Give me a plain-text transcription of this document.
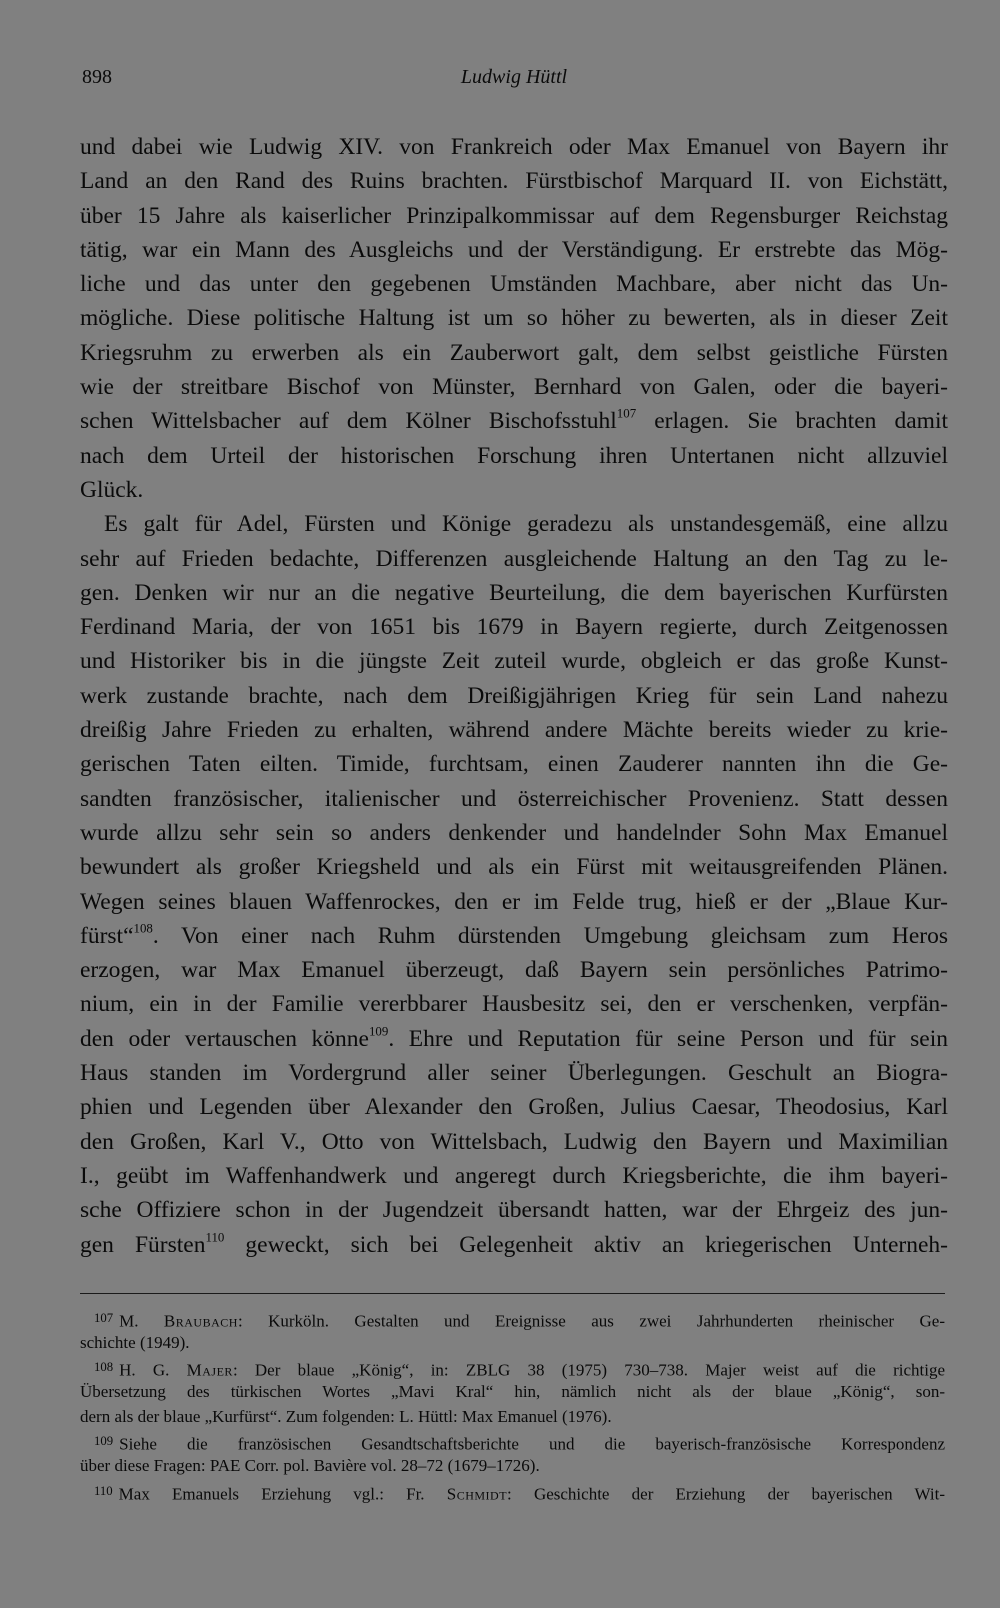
898	Ludwig Hüttl
und dabei wie Ludwig XIV. von Frankreich oder Max Emanuel von Bayern ihr
Land an den Rand des Ruins brachten. Fürstbischof Marquard II. von Eichstätt,
über 15 Jahre als kaiserlicher Prinzipalkommissar auf dem Regensburger Reichstag
tätig, war ein Mann des Ausgleichs und der Verständigung. Er erstrebte das Mög-
liche und das unter den gegebenen Umständen Machbare, aber nicht das Un-
mögliche. Diese politische Haltung ist um so höher zu bewerten, als in dieser Zeit
Kriegsruhm zu erwerben als ein Zauberwort galt, dem selbst geistliche Fürsten
wie der streitbare Bischof von Münster, Bernhard von Galen, oder die bayeri-
schen Wittelsbacher auf dem Kölner Bischofsstuhl$^{107}$ erlagen. Sie brachten damit
nach dem Urteil der historischen Forschung ihren Untertanen nicht allzuviel
Glück.
Es galt für Adel, Fürsten und Könige geradezu als unstandesgemäß, eine allzu
sehr auf Frieden bedachte, Differenzen ausgleichende Haltung an den Tag zu le-
gen. Denken wir nur an die negative Beurteilung, die dem bayerischen Kurfürsten
Ferdinand Maria, der von 1651 bis 1679 in Bayern regierte, durch Zeitgenossen
und Historiker bis in die jüngste Zeit zuteil wurde, obgleich er das große Kunst-
werk zustande brachte, nach dem Dreißigjährigen Krieg für sein Land nahezu
dreißig Jahre Frieden zu erhalten, während andere Mächte bereits wieder zu krie-
gerischen Taten eilten. Timide, furchtsam, einen Zauderer nannten ihn die Ge-
sandten französischer, italienischer und österreichischer Provenienz. Statt dessen
wurde allzu sehr sein so anders denkender und handelnder Sohn Max Emanuel
bewundert als großer Kriegsheld und als ein Fürst mit weitausgreifenden Plänen.
Wegen seines blauen Waffenrockes, den er im Felde trug, hieß er der „Blaue Kur-
fürst“$^{108}$. Von einer nach Ruhm dürstenden Umgebung gleichsam zum Heros
erzogen, war Max Emanuel überzeugt, daß Bayern sein persönliches Patrimo-
nium, ein in der Familie vererbbarer Hausbesitz sei, den er verschenken, verpfän-
den oder vertauschen könne$^{109}$. Ehre und Reputation für seine Person und für sein
Haus standen im Vordergrund aller seiner Überlegungen. Geschult an Biogra-
phien und Legenden über Alexander den Großen, Julius Caesar, Theodosius, Karl
den Großen, Karl V., Otto von Wittelsbach, Ludwig den Bayern und Maximilian
I., geübt im Waffenhandwerk und angeregt durch Kriegsberichte, die ihm bayeri-
sche Offiziere schon in der Jugendzeit übersandt hatten, war der Ehrgeiz des jun-
gen Fürsten$^{110}$ geweckt, sich bei Gelegenheit aktiv an kriegerischen Unterneh-
$^{107}$ M. Braubach: Kurköln. Gestalten und Ereignisse aus zwei Jahrhunderten rheinischer Ge-
schichte (1949).
$^{108}$ H. G. Majer: Der blaue „König“, in: ZBLG 38 (1975) 730–738. Majer weist auf die richtige
Übersetzung des türkischen Wortes „Mavi Kral“ hin, nämlich nicht als der blaue „König“, son-
dern als der blaue „Kurfürst“. Zum folgenden: L. Hüttl: Max Emanuel (1976).
$^{109}$ Siehe die französischen Gesandtschaftsberichte und die bayerisch-französische Korrespondenz
über diese Fragen: PAE Corr. pol. Bavière vol. 28–72 (1679–1726).
$^{110}$ Max Emanuels Erziehung vgl.: Fr. Schmidt: Geschichte der Erziehung der bayerischen Wit-
